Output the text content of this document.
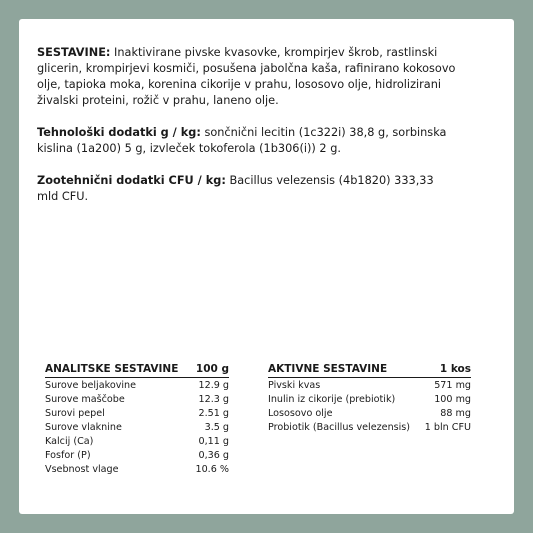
SESTAVINE: Inaktivirane pivske kvasovke, krompirjev škrob, rastlinski glicerin, krompirjevi kosmiči, posušena jabolčna kaša, rafinirano kokosovo olje, tapioka moka, korenina cikorije v prahu, lososovo olje, hidrolizirani živalski proteini, rožič v prahu, laneno olje.

Tehnološki dodatki g / kg: sončnični lecitin (1c322i) 38,8 g, sorbinska kislina (1a200) 5 g, izvleček tokoferola (1b306(i)) 2 g.

Zootehnični dodatki CFU / kg: Bacillus velezensis (4b1820) 333,33 mld CFU.

ANALITSKE SESTAVINE 100 g
Surove beljakovine	12.9 g
Surove maščobe	12.3 g
Surovi pepel	2.51 g
Surove vlaknine	3.5 g
Kalcij (Ca)	0,11 g
Fosfor (P)	0,36 g
Vsebnost vlage	10.6 %
AKTIVNE SESTAVINE	1 kos
Pivski kvas	571 mg
Inulin iz cikorije (prebiotik)	100 mg
Lososovo olje	88 mg
Probiotik (Bacillus velezensis) 1 bln CFU
